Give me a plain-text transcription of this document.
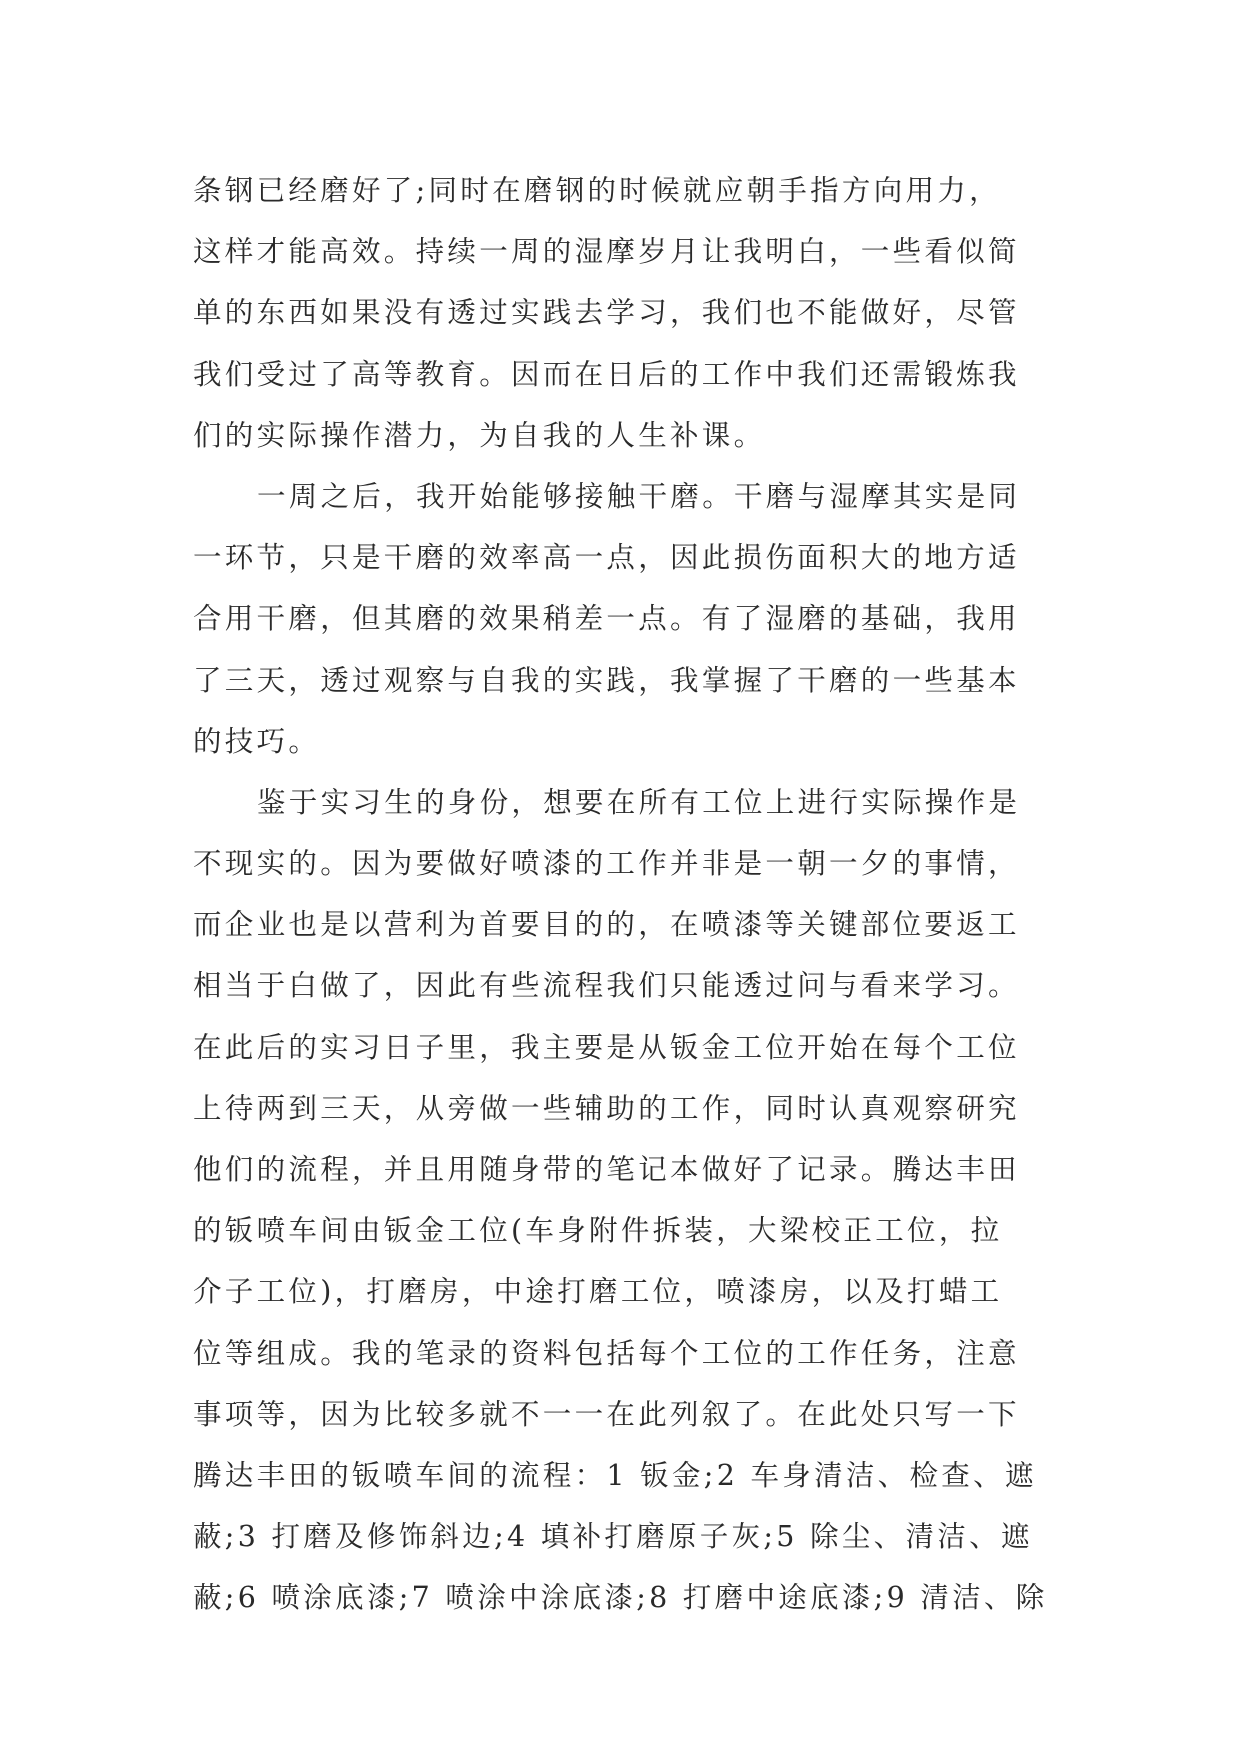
条钢已经磨好了;同时在磨钢的时候就应朝手指方向用力，
这样才能高效。持续一周的湿摩岁月让我明白，一些看似简
单的东西如果没有透过实践去学习，我们也不能做好，尽管
我们受过了高等教育。因而在日后的工作中我们还需锻炼我
们的实际操作潜力，为自我的人生补课。
一周之后，我开始能够接触干磨。干磨与湿摩其实是同
一环节，只是干磨的效率高一点，因此损伤面积大的地方适
合用干磨，但其磨的效果稍差一点。有了湿磨的基础，我用
了三天，透过观察与自我的实践，我掌握了干磨的一些基本
的技巧。
鉴于实习生的身份，想要在所有工位上进行实际操作是
不现实的。因为要做好喷漆的工作并非是一朝一夕的事情，
而企业也是以营利为首要目的的，在喷漆等关键部位要返工
相当于白做了，因此有些流程我们只能透过问与看来学习。
在此后的实习日子里，我主要是从钣金工位开始在每个工位
上待两到三天，从旁做一些辅助的工作，同时认真观察研究
他们的流程，并且用随身带的笔记本做好了记录。腾达丰田
的钣喷车间由钣金工位(车身附件拆装，大梁校正工位，拉
介子工位)，打磨房，中途打磨工位，喷漆房，以及打蜡工
位等组成。我的笔录的资料包括每个工位的工作任务，注意
事项等，因为比较多就不一一在此列叙了。在此处只写一下
腾达丰田的钣喷车间的流程：1 钣金;2 车身清洁、检查、遮
蔽;3 打磨及修饰斜边;4 填补打磨原子灰;5 除尘、清洁、遮
蔽;6 喷涂底漆;7 喷涂中涂底漆;8 打磨中途底漆;9 清洁、除
